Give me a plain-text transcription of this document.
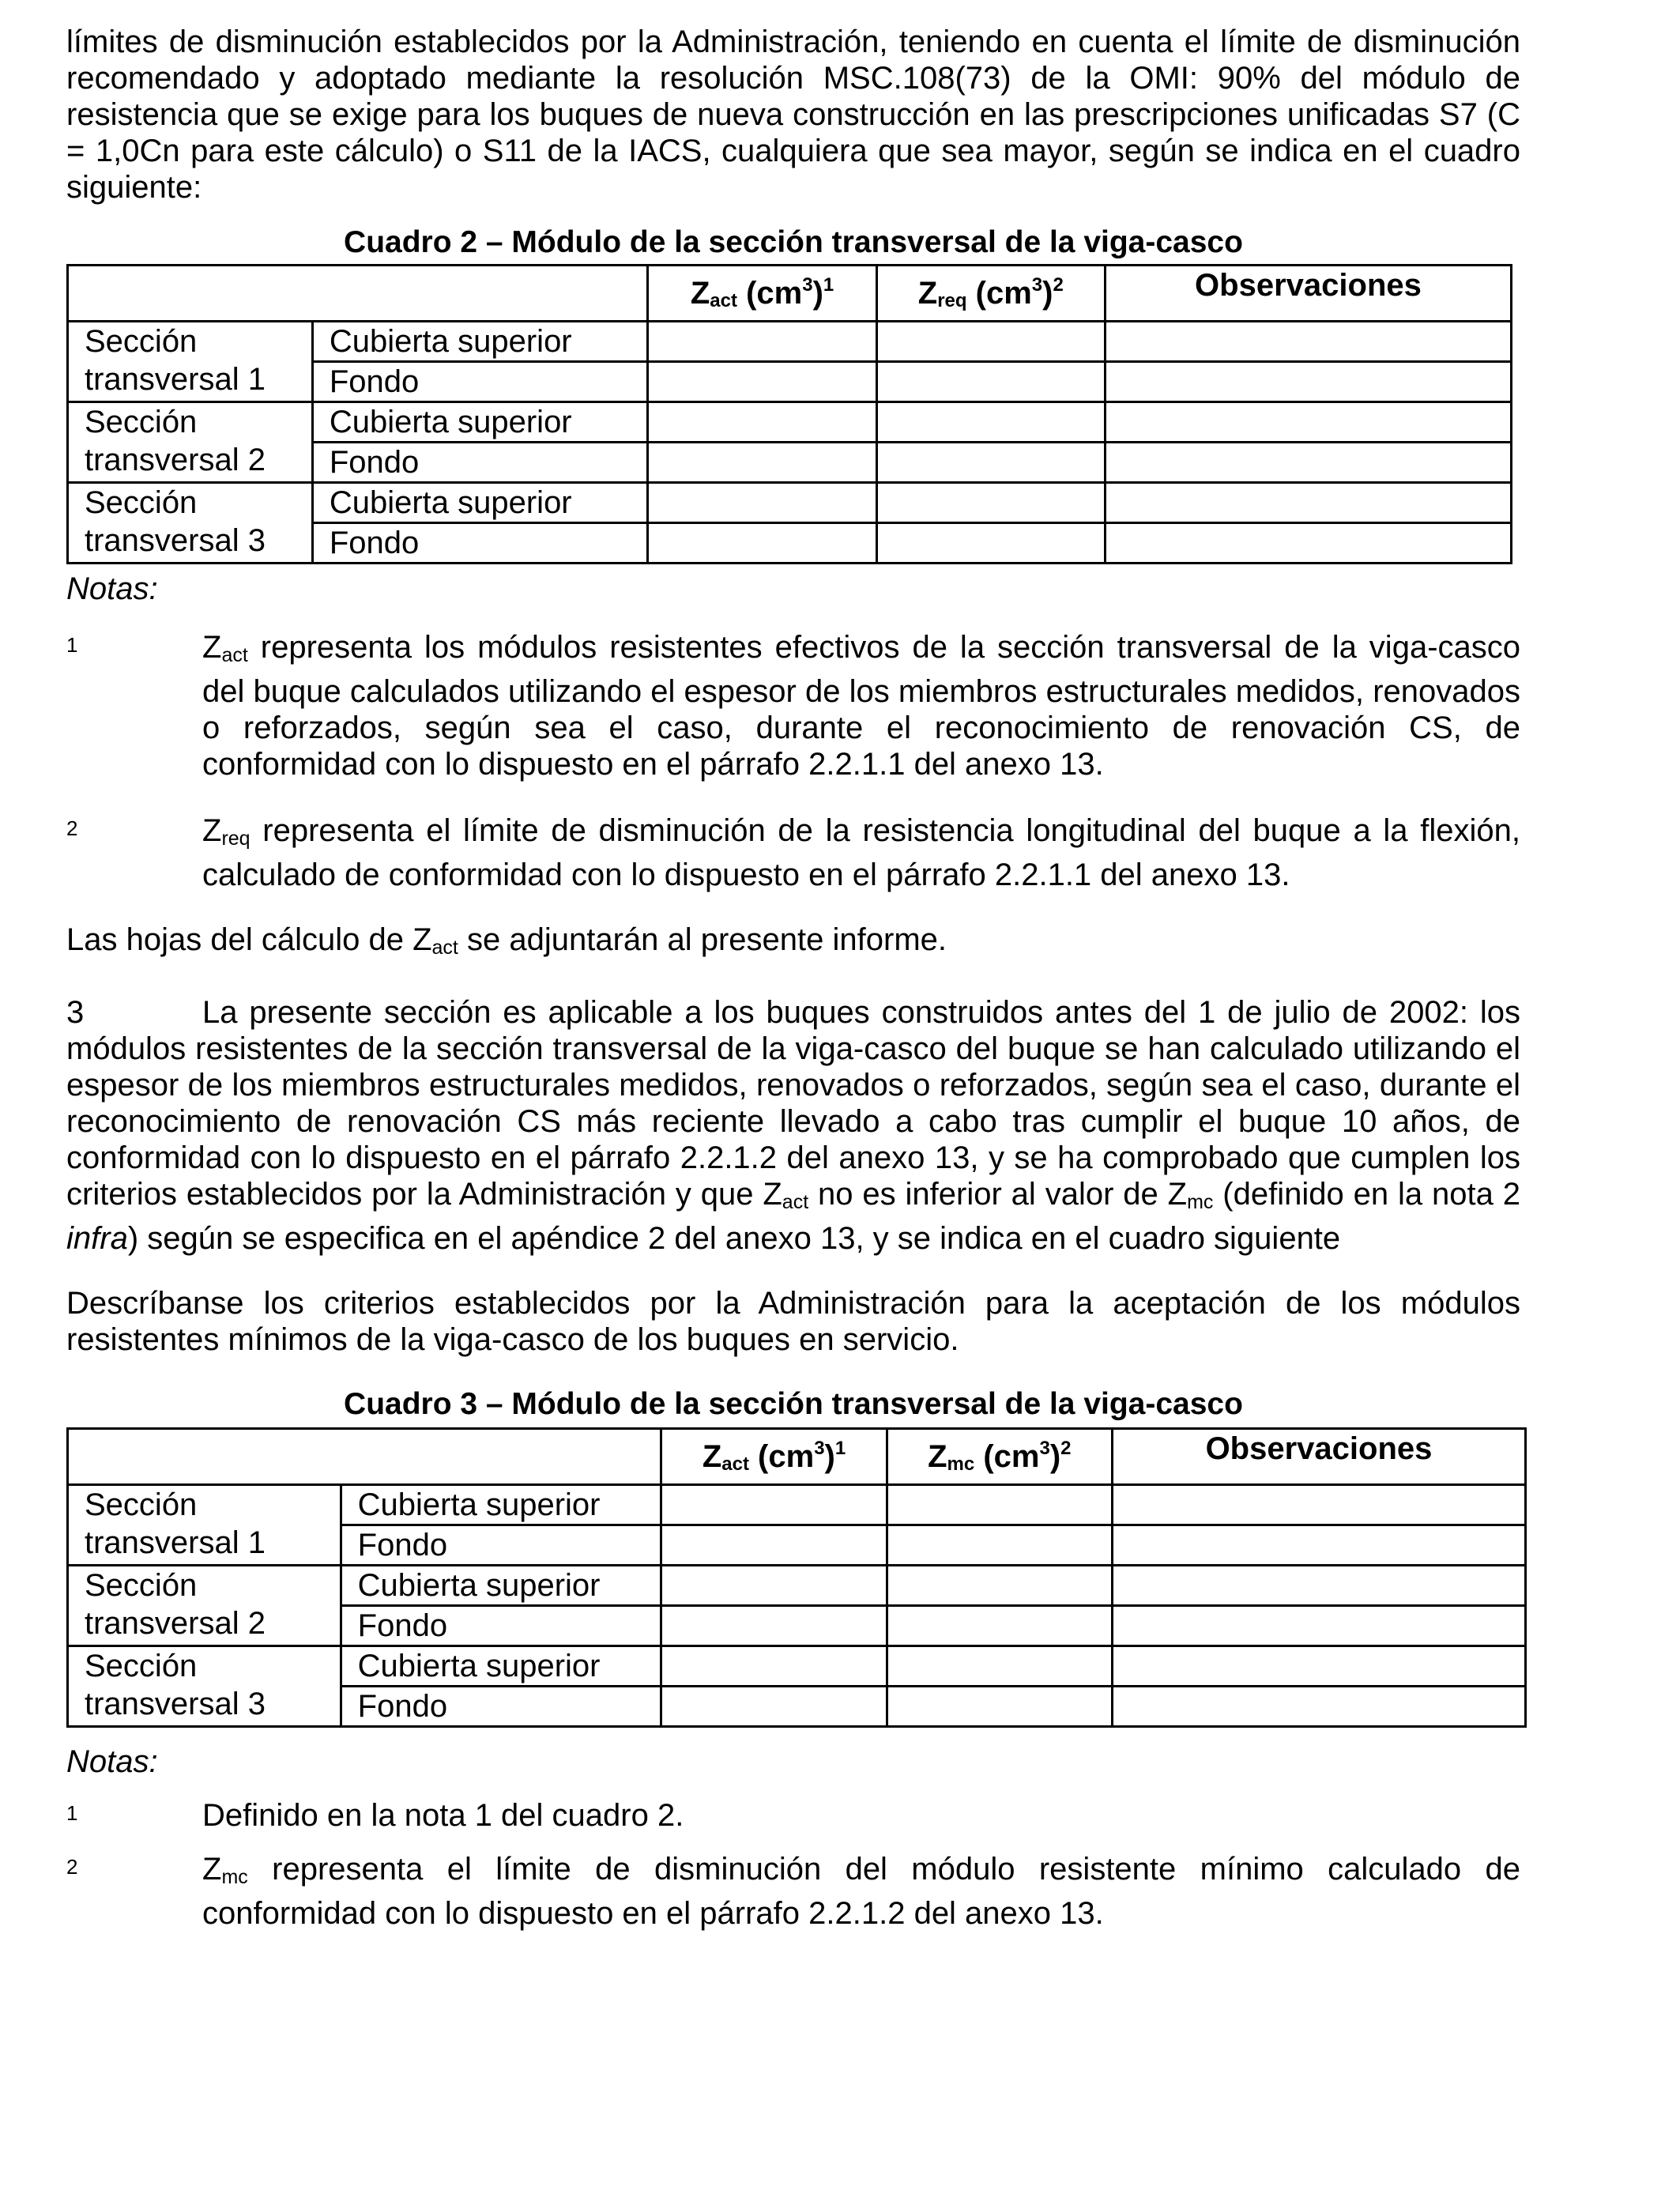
límites de disminución establecidos por la Administración, teniendo en cuenta el límite de disminución recomendado y adoptado mediante la resolución MSC.108(73) de la OMI: 90% del módulo de resistencia que se exige para los buques de nueva construcción en las prescripciones unificadas S7 (C = 1,0Cn para este cálculo) o S11 de la IACS, cualquiera que sea mayor, según se indica en el cuadro siguiente:

Cuadro 2 – Módulo de la sección transversal de la viga-casco

		$Z_{act}$ $(cm^3)^1$	$Z_{req}$ $(cm^3)^2$	Observaciones
Sección
transversal 1	Cubierta superior			
	Fondo			
Sección
transversal 2	Cubierta superior			
	Fondo			
Sección
transversal 3	Cubierta superior			
	Fondo			

Notas:

1	Zact representa los módulos resistentes efectivos de la sección transversal de la viga-casco del buque calculados utilizando el espesor de los miembros estructurales medidos, renovados o reforzados, según sea el caso, durante el reconocimiento de renovación CS, de conformidad con lo dispuesto en el párrafo 2.2.1.1 del anexo 13.

2	Zreq representa el límite de disminución de la resistencia longitudinal del buque a la flexión, calculado de conformidad con lo dispuesto en el párrafo 2.2.1.1 del anexo 13.

Las hojas del cálculo de Zact se adjuntarán al presente informe.

3	La presente sección es aplicable a los buques construidos antes del 1 de julio de 2002: los módulos resistentes de la sección transversal de la viga-casco del buque se han calculado utilizando el espesor de los miembros estructurales medidos, renovados o reforzados, según sea el caso, durante el reconocimiento de renovación CS más reciente llevado a cabo tras cumplir el buque 10 años, de conformidad con lo dispuesto en el párrafo 2.2.1.2 del anexo 13, y se ha comprobado que cumplen los criterios establecidos por la Administración y que Zact no es inferior al valor de Zmc (definido en la nota 2 infra) según se especifica en el apéndice 2 del anexo 13, y se indica en el cuadro siguiente

Descríbanse los criterios establecidos por la Administración para la aceptación de los módulos resistentes mínimos de la viga-casco de los buques en servicio.

Cuadro 3 – Módulo de la sección transversal de la viga-casco

		$Z_{act}$ $(cm^3)^1$	$Z_{mc}$ $(cm^3)^2$	Observaciones
Sección
transversal 1	Cubierta superior			
	Fondo			
Sección
transversal 2	Cubierta superior			
	Fondo			
Sección
transversal 3	Cubierta superior			
	Fondo			

Notas:

1	Definido en la nota 1 del cuadro 2.

2	Zmc representa el límite de disminución del módulo resistente mínimo calculado de conformidad con lo dispuesto en el párrafo 2.2.1.2 del anexo 13.
